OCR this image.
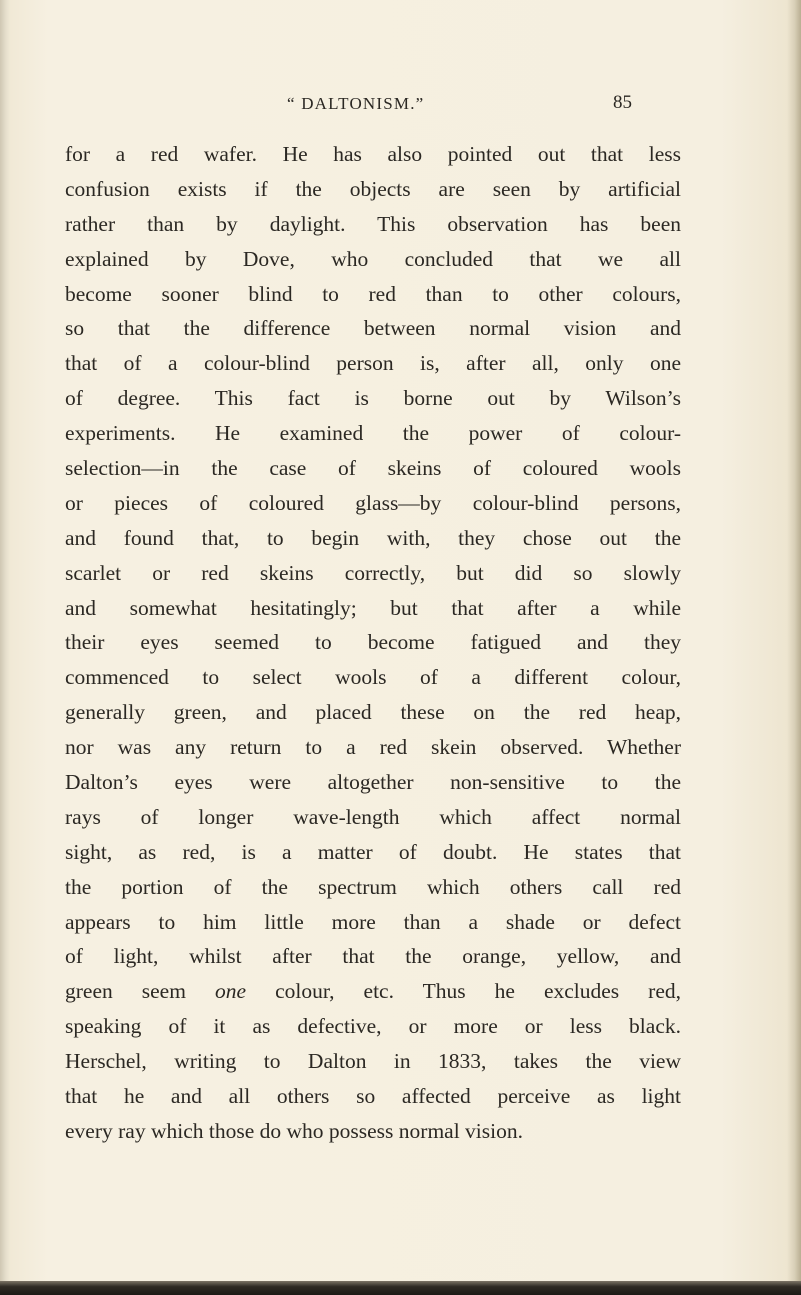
“ DALTONISM.”	85
for a red wafer. He has also pointed out that less
confusion exists if the objects are seen by artificial
rather than by daylight. This observation has been
explained by Dove, who concluded that we all
become sooner blind to red than to other colours,
so that the difference between normal vision and
that of a colour-blind person is, after all, only one
of degree. This fact is borne out by Wilson’s
experiments. He examined the power of colour-
selection—in the case of skeins of coloured wools
or pieces of coloured glass—by colour-blind persons,
and found that, to begin with, they chose out the
scarlet or red skeins correctly, but did so slowly
and somewhat hesitatingly; but that after a while
their eyes seemed to become fatigued and they
commenced to select wools of a different colour,
generally green, and placed these on the red heap,
nor was any return to a red skein observed. Whether
Dalton’s eyes were altogether non-sensitive to the
rays of longer wave-length which affect normal
sight, as red, is a matter of doubt. He states that
the portion of the spectrum which others call red
appears to him little more than a shade or defect
of light, whilst after that the orange, yellow, and
green seem one colour, etc. Thus he excludes red,
speaking of it as defective, or more or less black.
Herschel, writing to Dalton in 1833, takes the view
that he and all others so affected perceive as light
every ray which those do who possess normal vision.
